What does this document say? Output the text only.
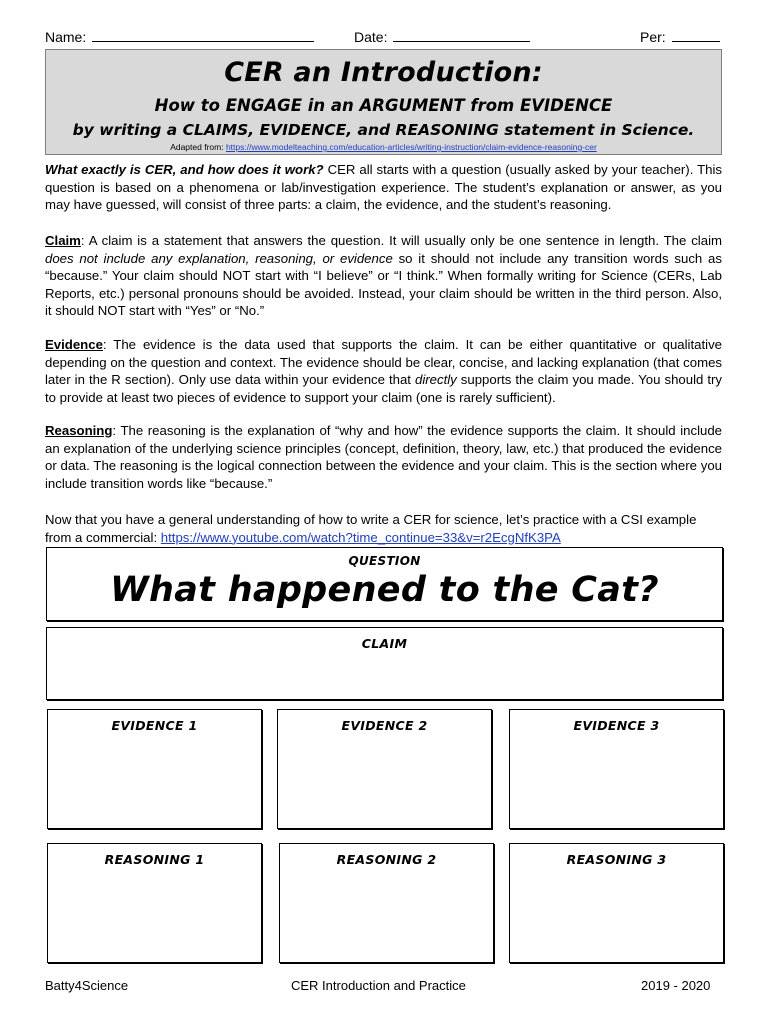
Name:	Date:	Per:
CER an Introduction:
How to ENGAGE in an ARGUMENT from EVIDENCE
by writing a CLAIMS, EVIDENCE, and REASONING statement in Science.
Adapted from: https://www.modelteaching.com/education-articles/writing-instruction/claim-evidence-reasoning-cer
What exactly is CER, and how does it work? CER all starts with a question (usually asked by your teacher). This question is based on a phenomena or lab/investigation experience. The student’s explanation or answer, as you may have guessed, will consist of three parts: a claim, the evidence, and the student’s reasoning.
Claim: A claim is a statement that answers the question. It will usually only be one sentence in length. The claim does not include any explanation, reasoning, or evidence so it should not include any transition words such as “because.” Your claim should NOT start with “I believe” or “I think.” When formally writing for Science (CERs, Lab Reports, etc.) personal pronouns should be avoided. Instead, your claim should be written in the third person. Also, it should NOT start with “Yes” or “No.”
Evidence: The evidence is the data used that supports the claim. It can be either quantitative or qualitative depending on the question and context. The evidence should be clear, concise, and lacking explanation (that comes later in the R section). Only use data within your evidence that directly supports the claim you made. You should try to provide at least two pieces of evidence to support your claim (one is rarely sufficient).
Reasoning: The reasoning is the explanation of “why and how” the evidence supports the claim. It should include an explanation of the underlying science principles (concept, definition, theory, law, etc.) that produced the evidence or data. The reasoning is the logical connection between the evidence and your claim. This is the section where you include transition words like “because.”
Now that you have a general understanding of how to write a CER for science, let’s practice with a CSI example from a commercial: https://www.youtube.com/watch?time_continue=33&v=r2EcgNfK3PA
QUESTION
What happened to the Cat?
CLAIM
EVIDENCE 1	EVIDENCE 2	EVIDENCE 3
REASONING 1	REASONING 2	REASONING 3
Batty4Science	CER Introduction and Practice	2019 - 2020
